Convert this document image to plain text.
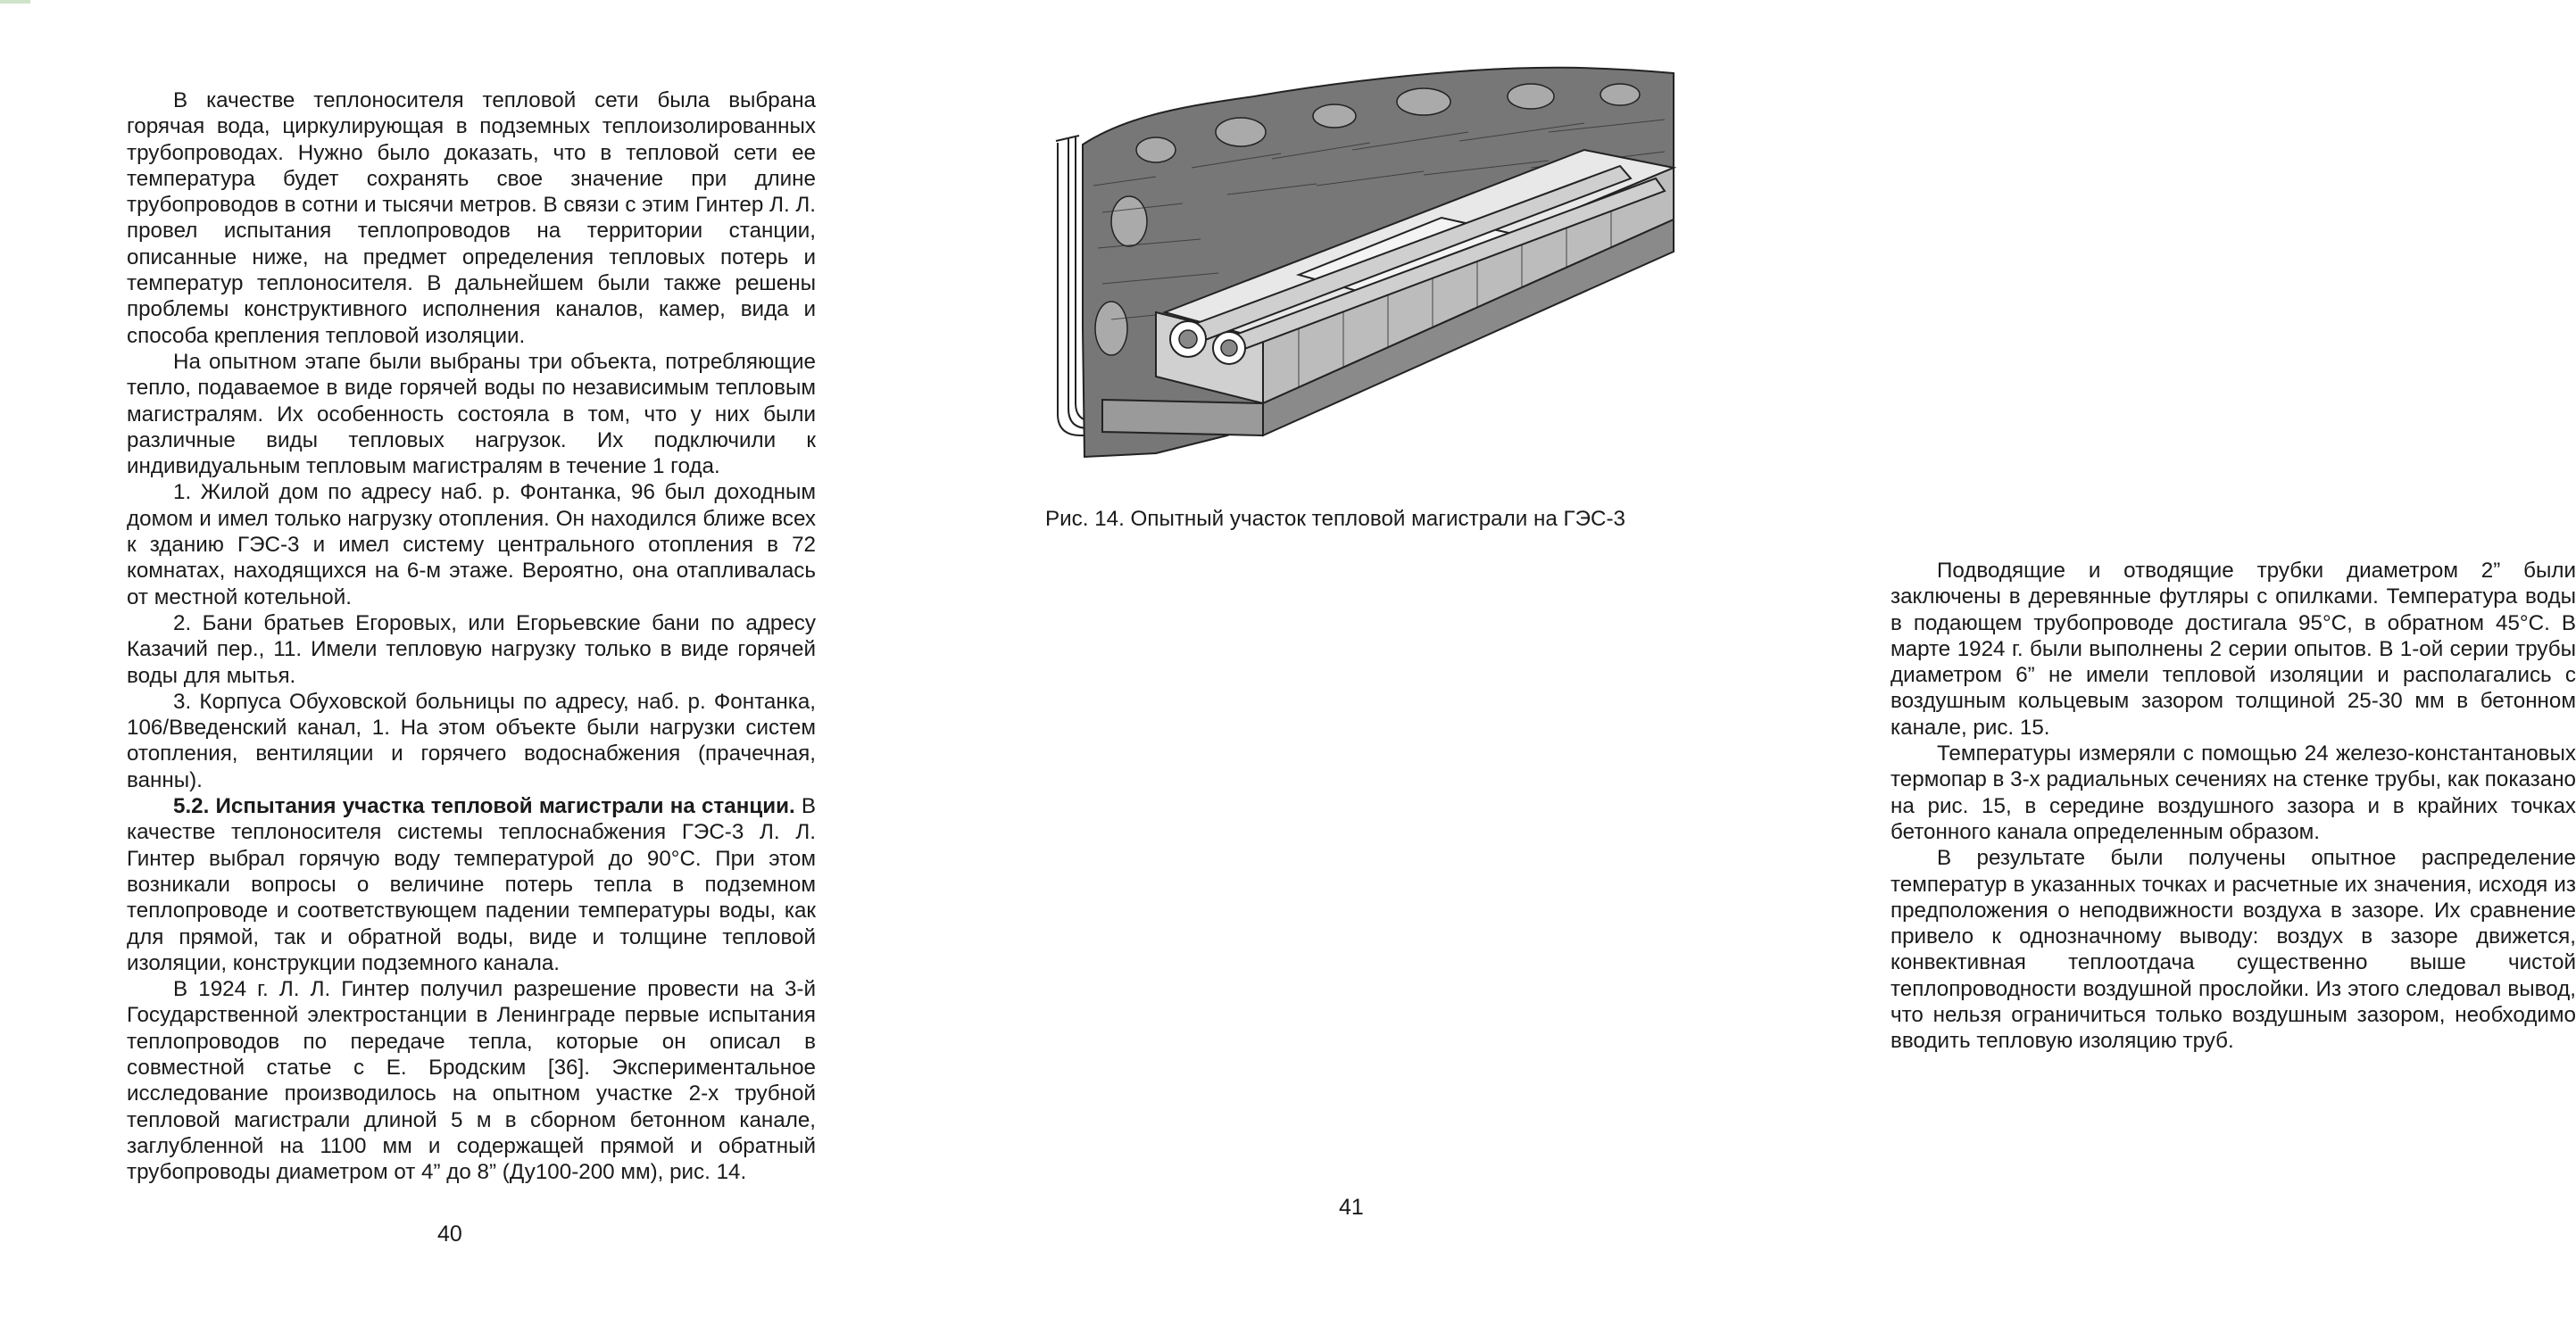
В качестве теплоносителя тепловой сети была выбрана горячая вода, циркулирующая в подземных теплоизолированных трубопроводах. Нужно было доказать, что в тепловой сети ее температура будет сохранять свое значение при длине трубопроводов в сотни и тысячи метров. В связи с этим Гинтер Л. Л. провел испытания теплопроводов на территории станции, описанные ниже, на предмет определения тепловых потерь и температур теплоносителя. В дальнейшем были также решены проблемы конструктивного исполнения каналов, камер, вида и способа крепления тепловой изоляции.

На опытном этапе были выбраны три объекта, потребляющие тепло, подаваемое в виде горячей воды по независимым тепловым магистралям. Их особенность состояла в том, что у них были различные виды тепловых нагрузок. Их подключили к индивидуальным тепловым магистралям в течение 1 года.

1. Жилой дом по адресу наб. р. Фонтанка, 96 был доходным домом и имел только нагрузку отопления. Он находился ближе всех к зданию ГЭС-3 и имел систему центрального отопления в 72 комнатах, находящихся на 6-м этаже. Вероятно, она отапливалась от местной котельной.

2. Бани братьев Егоровых, или Егорьевские бани по адресу Казачий пер., 11. Имели тепловую нагрузку только в виде горячей воды для мытья.

3. Корпуса Обуховской больницы по адресу, наб. р. Фонтанка, 106/Введенский канал, 1. На этом объекте были нагрузки систем отопления, вентиляции и горячего водоснабжения (прачечная, ванны).

5.2. Испытания участка тепловой магистрали на станции. В качестве теплоносителя системы теплоснабжения ГЭС-3 Л. Л. Гинтер выбрал горячую воду температурой до 90°С. При этом возникали вопросы о величине потерь тепла в подземном теплопроводе и соответствующем падении температуры воды, как для прямой, так и обратной воды, виде и толщине тепловой изоляции, конструкции подземного канала.

В 1924 г. Л. Л. Гинтер получил разрешение провести на 3-й Государственной электростанции в Ленинграде первые испытания теплопроводов по передаче тепла, которые он описал в совместной статье с Е. Бродским [36]. Экспериментальное исследование производилось на опытном участке 2-х трубной тепловой магистрали длиной 5 м в сборном бетонном канале, заглубленной на 1100 мм и содержащей прямой и обратный трубопроводы диаметром от 4” до 8” (Ду100-200 мм), рис. 14.

40
Рис. 14. Опытный участок тепловой магистрали на ГЭС-3

Подводящие и отводящие трубки диаметром 2” были заключены в деревянные футляры с опилками. Температура воды в подающем трубопроводе достигала 95°С, в обратном 45°С. В марте 1924 г. были выполнены 2 серии опытов. В 1-ой серии трубы диаметром 6” не имели тепловой изоляции и располагались с воздушным кольцевым зазором толщиной 25-30 мм в бетонном канале, рис. 15.

Температуры измеряли с помощью 24 железо-константановых термопар в 3-х радиальных сечениях на стенке трубы, как показано на рис. 15, в середине воздушного зазора и в крайних точках бетонного канала определенным образом.

В результате были получены опытное распределение температур в указанных точках и расчетные их значения, исходя из предположения о неподвижности воздуха в зазоре. Их сравнение привело к однозначному выводу: воздух в зазоре движется, конвективная теплоотдача существенно выше чистой теплопроводности воздушной прослойки. Из этого следовал вывод, что нельзя ограничиться только воздушным зазором, необходимо вводить тепловую изоляцию труб.

41
